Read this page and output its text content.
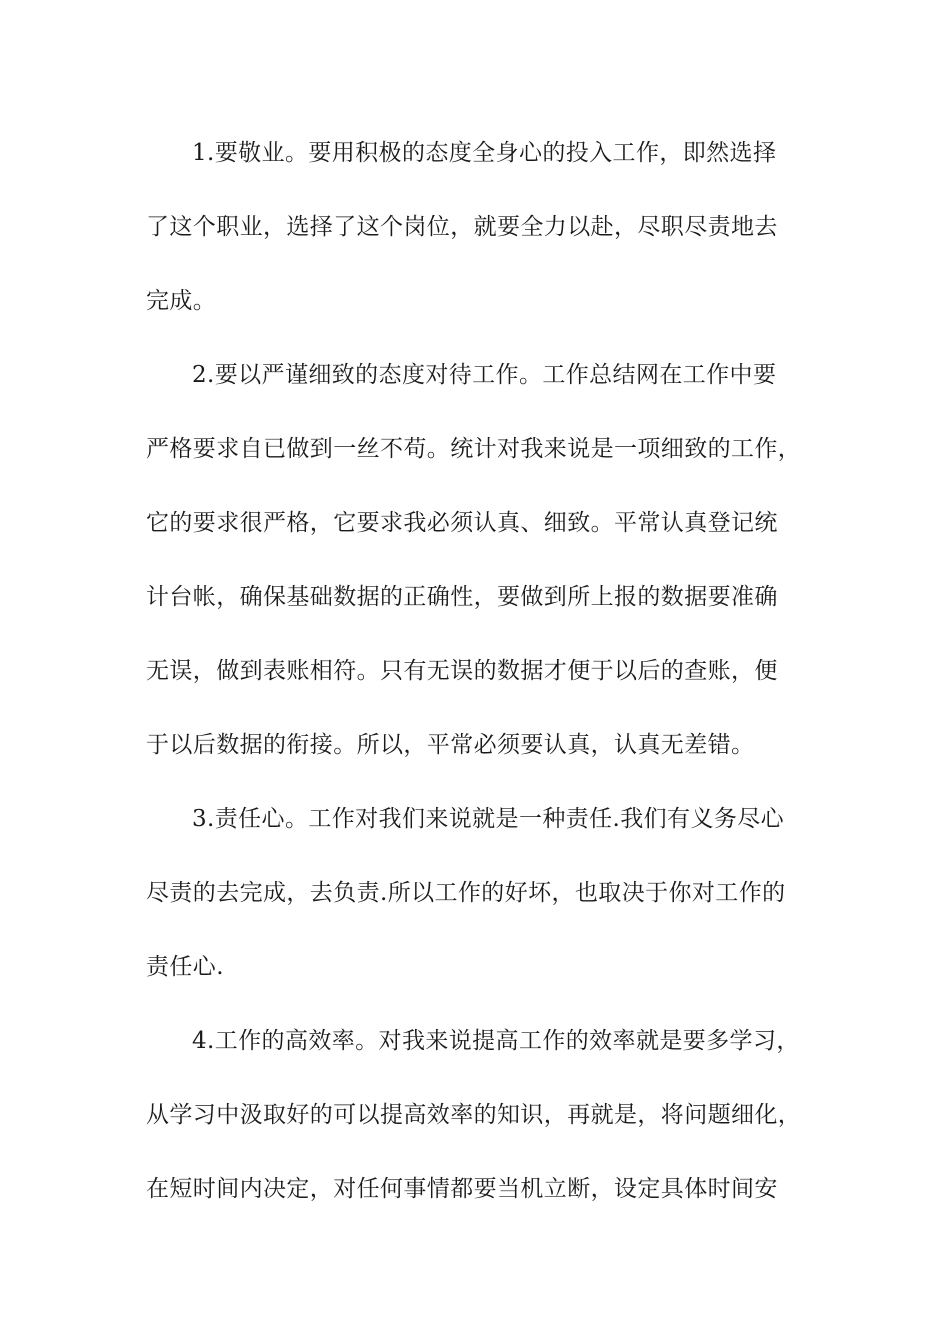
1.要敬业。要用积极的态度全身心的投入工作，即然选择
了这个职业，选择了这个岗位，就要全力以赴，尽职尽责地去
完成。
2.要以严谨细致的态度对待工作。工作总结网在工作中要
严格要求自已做到一丝不苟。统计对我来说是一项细致的工作，
它的要求很严格，它要求我必须认真、细致。平常认真登记统
计台帐，确保基础数据的正确性，要做到所上报的数据要准确
无误，做到表账相符。只有无误的数据才便于以后的查账，便
于以后数据的衔接。所以，平常必须要认真，认真无差错。
3.责任心。工作对我们来说就是一种责任.我们有义务尽心
尽责的去完成，去负责.所以工作的好坏，也取决于你对工作的
责任心.
4.工作的高效率。对我来说提高工作的效率就是要多学习，
从学习中汲取好的可以提高效率的知识，再就是，将问题细化，
在短时间内决定，对任何事情都要当机立断，设定具体时间安
